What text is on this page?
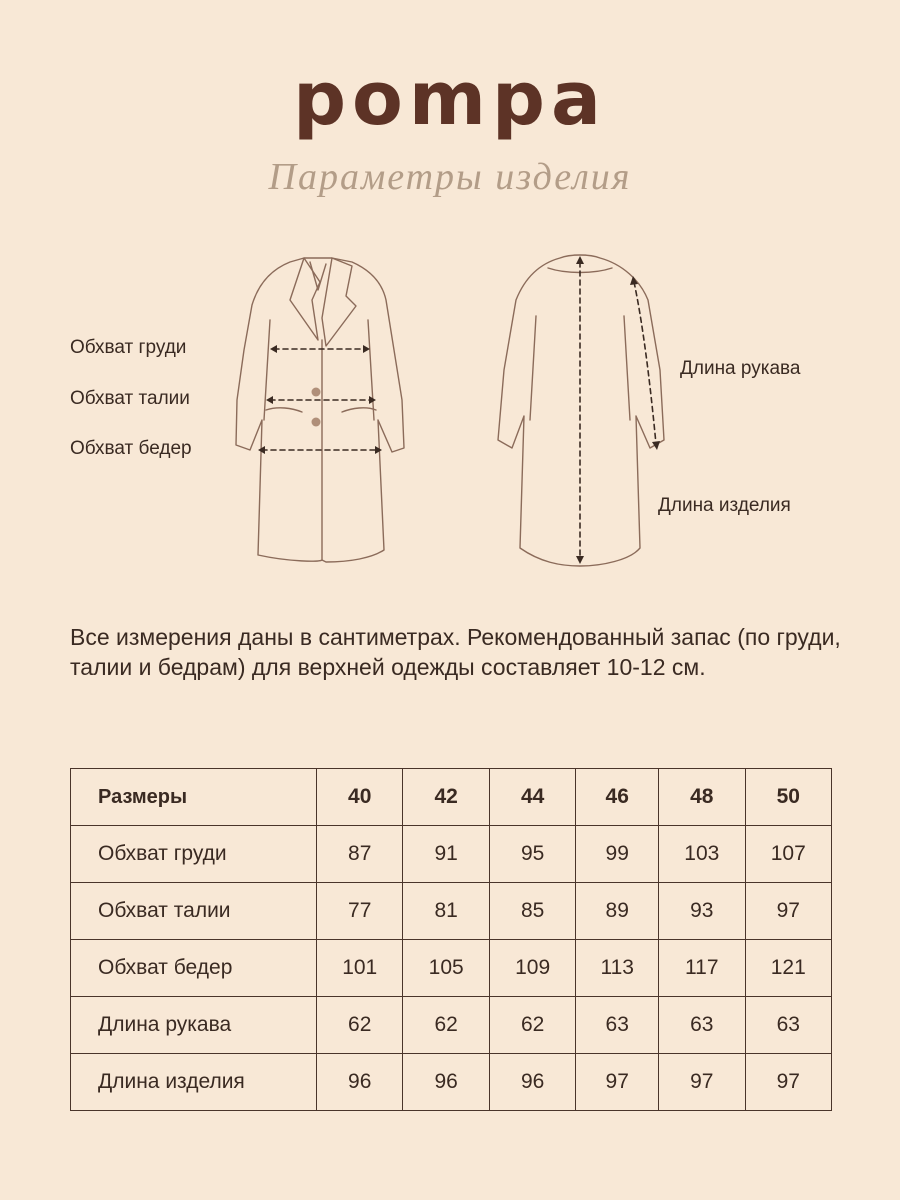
pompa
Параметры изделия
Обхват груди
Обхват талии
Обхват бедер
Длина рукава
Длина изделия
Все измерения даны в сантиметрах. Рекомендованный запас (по груди, талии и бедрам) для верхней одежды составляет 10-12 см.
Размеры	40	42	44	46	48	50
Обхват груди	87	91	95	99	103	107
Обхват талии	77	81	85	89	93	97
Обхват бедер	101	105	109	113	117	121
Длина рукава	62	62	62	63	63	63
Длина изделия	96	96	96	97	97	97
